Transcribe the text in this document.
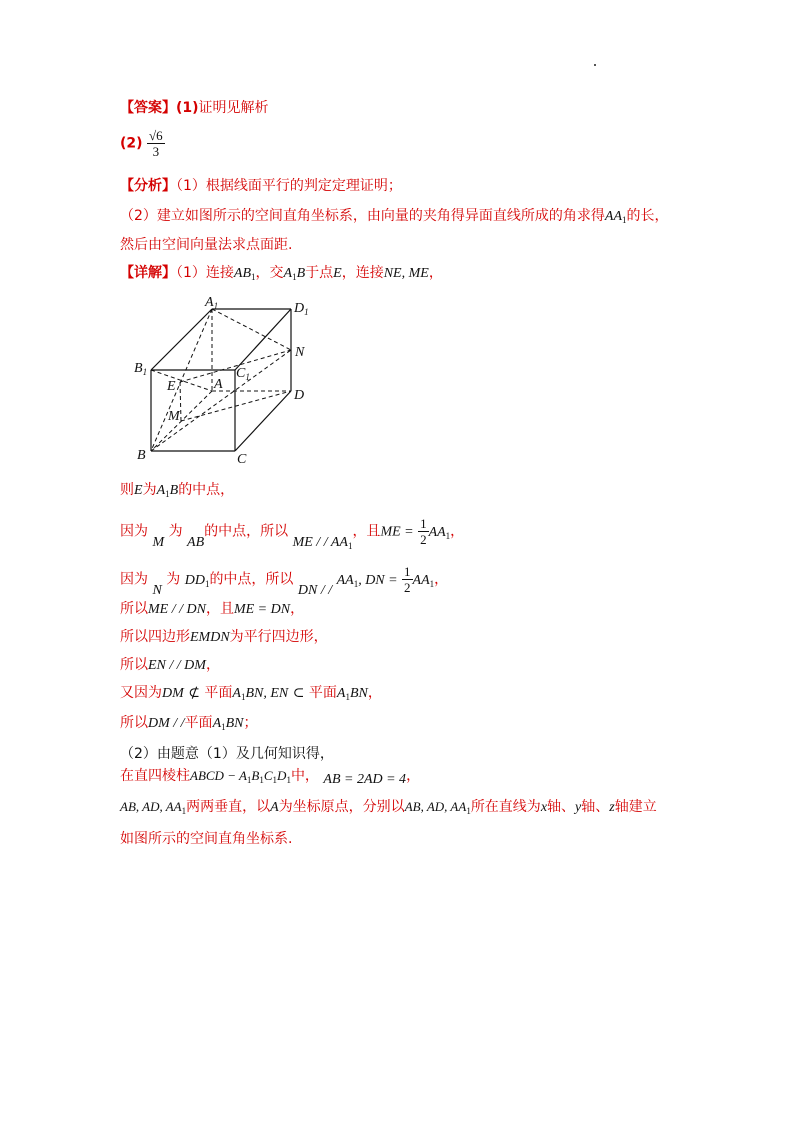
【答案】(1)证明见解析
$(2) \frac{√6}{3}$
【分析】（1）根据线面平行的判定定理证明；
（2）建立如图所示的空间直角坐标系，由向量的夹角得异面直线所成的角求得$AA_1$的长，
然后由空间向量法求点面距.
【详解】（1）连接$AB_1$，交$A_1B$于点E，连接NE, ME，
$A_1$	$D_1$
$B_1$	$C_1$
N
E	A
D
M
B	C
则E为$A_1B$的中点，
因为 M 为 AB的中点，所以 ME / / $AA_1$，且ME = $\frac{1}{2} AA_1$，
因为 N 为 $DD_1$的中点，所以 DN / / $AA_1$, DN = $\frac{1}{2} AA_1$，
所以ME / / DN，且ME = DN，
所以四边形EMDN为平行四边形，
所以EN / / DM，
又因为DM ⊄ 平面$A_1BN$, EN ⊂ 平面$A_1BN$，
所以DM / /平面$A_1BN$；
（2）由题意（1）及几何知识得，
在直四棱柱ABCD − $A_1B_1C_1D_1$中， AB = 2AD = 4，
AB, AD, $AA_1$两两垂直，以A为坐标原点，分别以AB, AD, $AA_1$所在直线为x轴、y轴、z轴建立
如图所示的空间直角坐标系.
